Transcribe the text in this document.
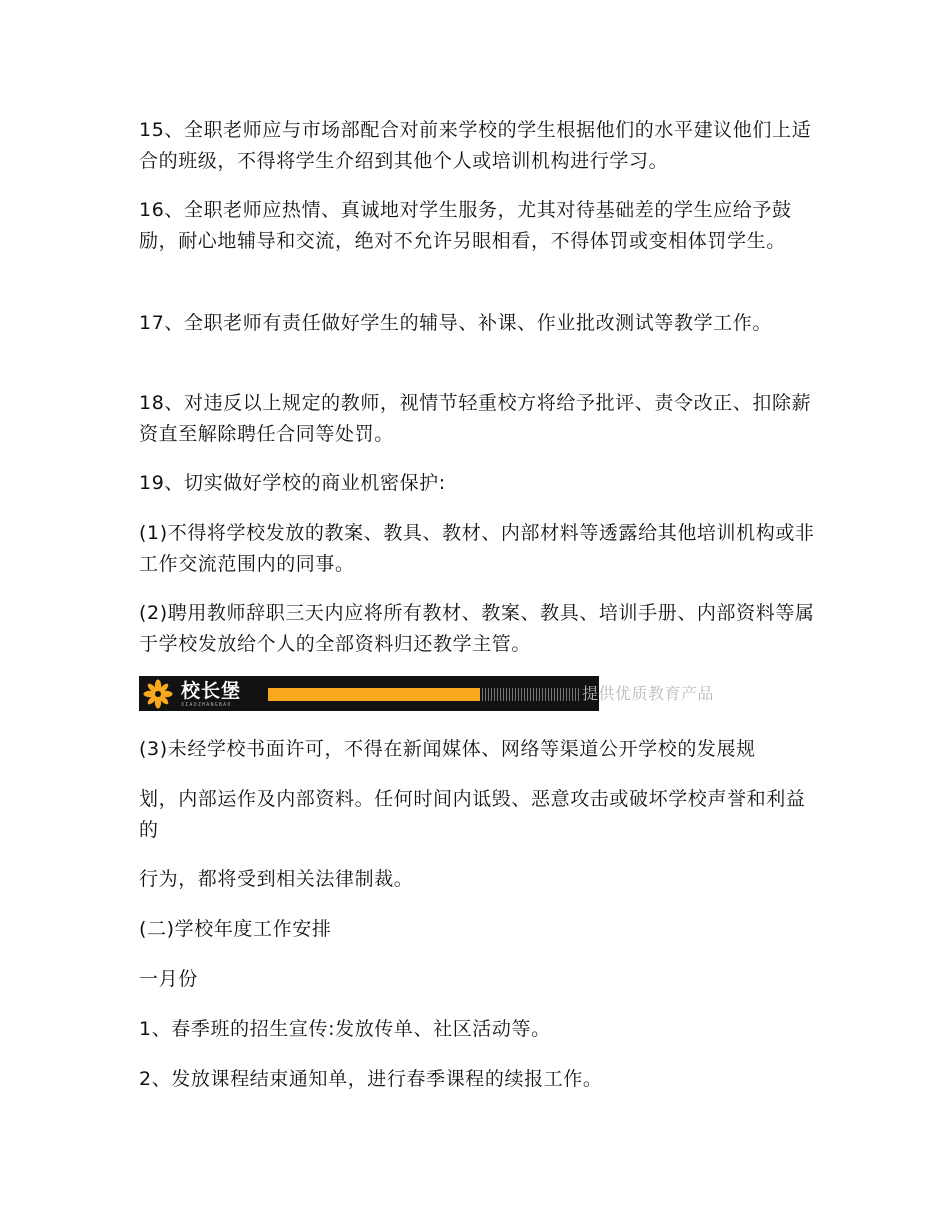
15、全职老师应与市场部配合对前来学校的学生根据他们的水平建议他们上适合的班级，不得将学生介绍到其他个人或培训机构进行学习。

16、全职老师应热情、真诚地对学生服务，尤其对待基础差的学生应给予鼓励，耐心地辅导和交流，绝对不允许另眼相看，不得体罚或变相体罚学生。

17、全职老师有责任做好学生的辅导、补课、作业批改测试等教学工作。

18、对违反以上规定的教师，视情节轻重校方将给予批评、责令改正、扣除薪资直至解除聘任合同等处罚。

19、切实做好学校的商业机密保护:

(1)不得将学校发放的教案、教具、教材、内部材料等透露给其他培训机构或非工作交流范围内的同事。

(2)聘用教师辞职三天内应将所有教材、教案、教具、培训手册、内部资料等属于学校发放给个人的全部资料归还教学主管。

校长堡
XIAOZHANGBAO
提供优质教育产品

(3)未经学校书面许可，不得在新闻媒体、网络等渠道公开学校的发展规

划，内部运作及内部资料。任何时间内诋毁、恶意攻击或破坏学校声誉和利益的

行为，都将受到相关法律制裁。

(二)学校年度工作安排

一月份

1、春季班的招生宣传:发放传单、社区活动等。

2、发放课程结束通知单，进行春季课程的续报工作。
